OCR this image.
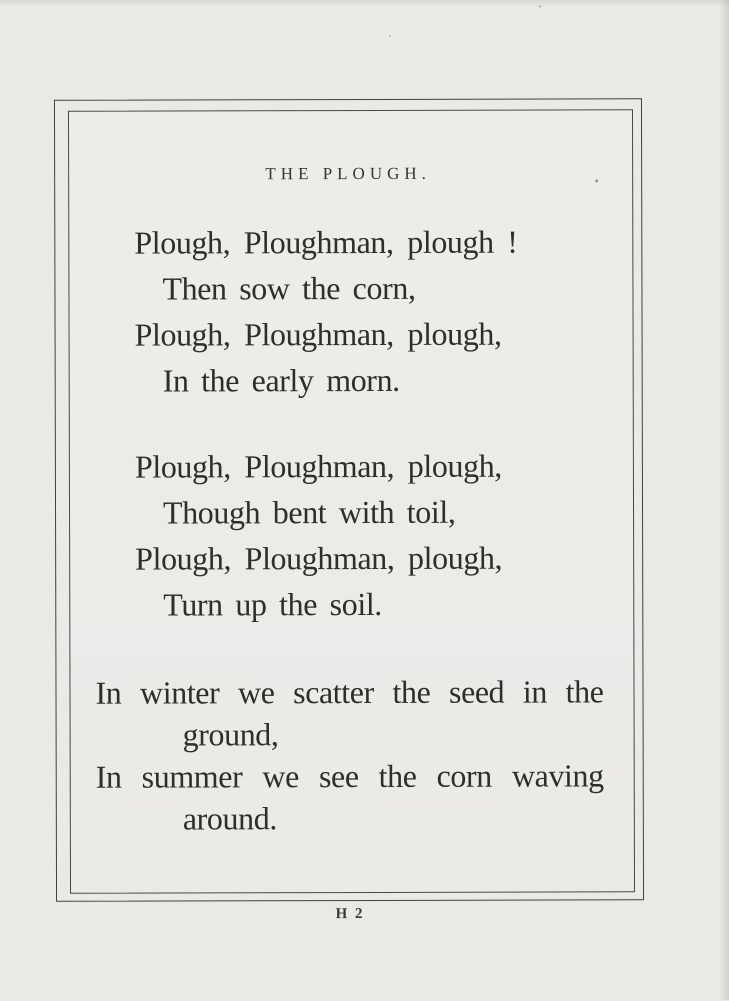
THE PLOUGH.
Plough, Ploughman, plough !
Then sow the corn,
Plough, Ploughman, plough,
In the early morn.
Plough, Ploughman, plough,
Though bent with toil,
Plough, Ploughman, plough,
Turn up the soil.
In winter we scatter the seed in the
ground,
In summer we see the corn waving
around.
H 2
